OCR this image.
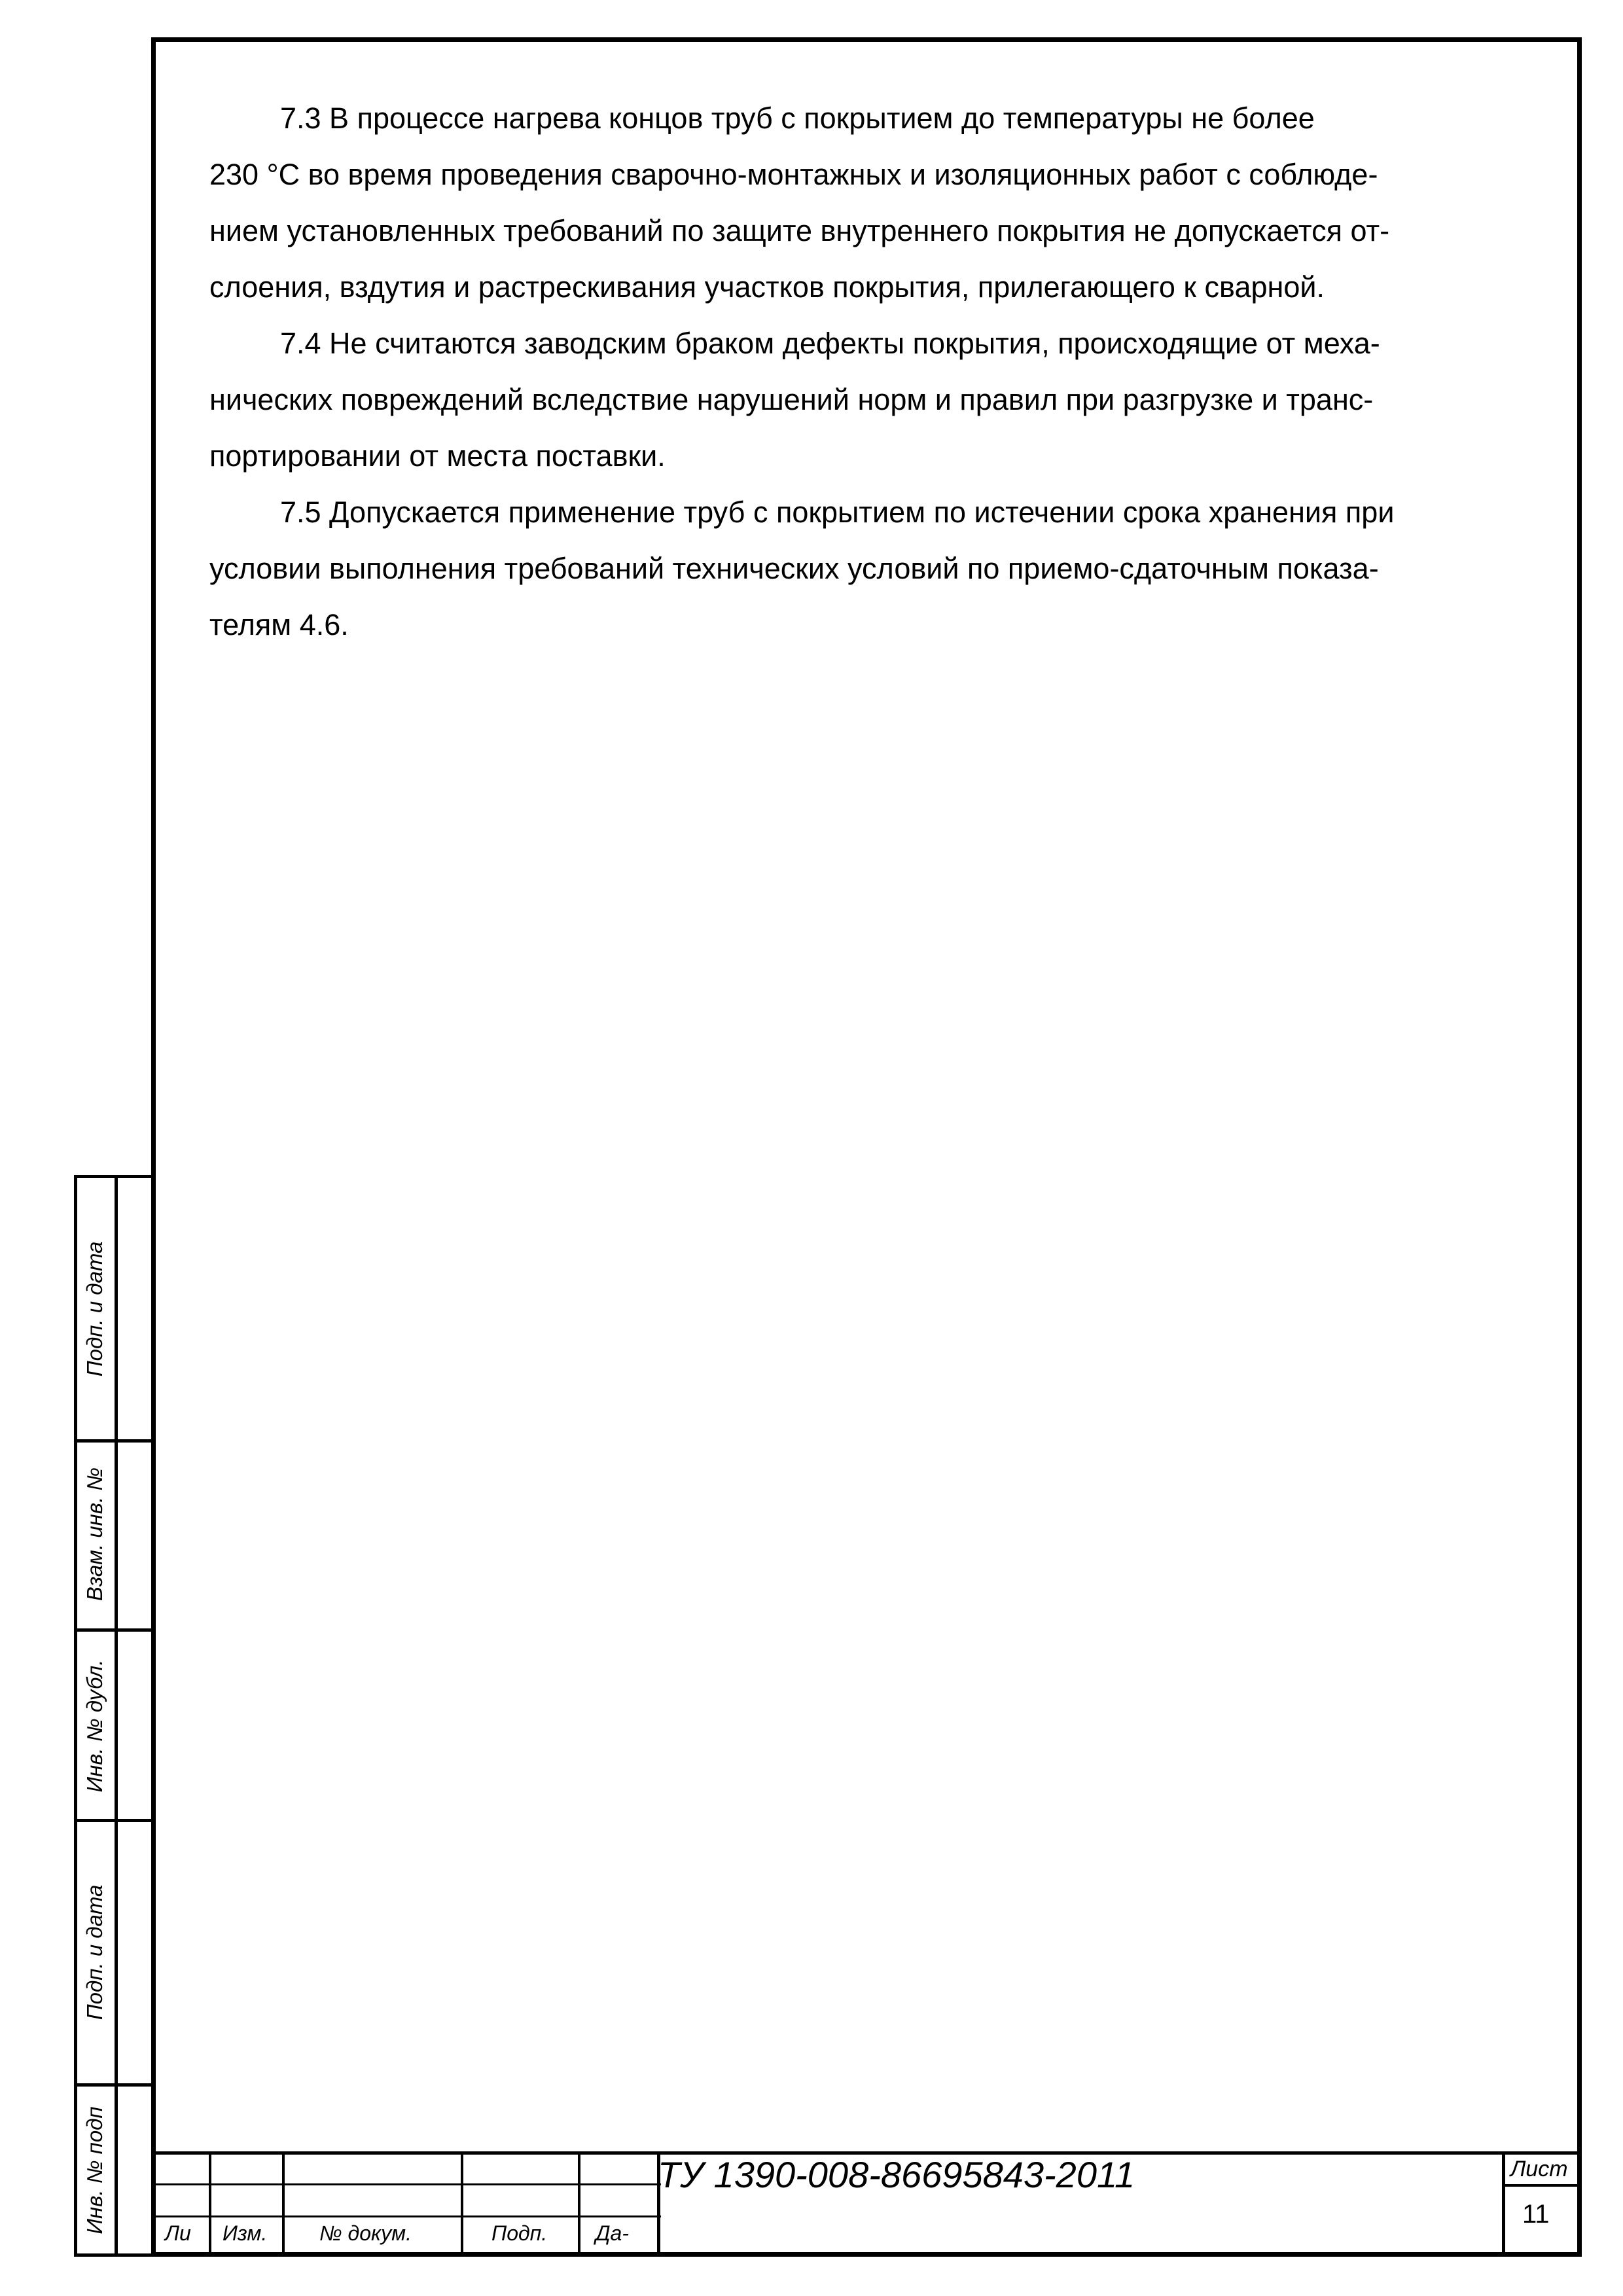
7.3 В процессе нагрева концов труб с покрытием до температуры не более
230 °С во время проведения сварочно-монтажных и изоляционных работ с соблюде-
нием установленных требований по защите внутреннего покрытия не допускается от-
слоения, вздутия и растрескивания участков покрытия, прилегающего к сварной.

7.4 Не считаются заводским браком дефекты покрытия, происходящие от меха-
нических повреждений вследствие нарушений норм и правил при разгрузке и транс-
портировании от места поставки.

7.5 Допускается применение труб с покрытием по истечении срока хранения при
условии выполнения требований технических условий по приемо-сдаточным показа-
телям 4.6.

Подп. и дата
Взам. инв. №
Инв. № дубл.
Подп. и дата
Инв. № подп	Ли Изм. № докум.	Подп. Да-
ТУ 1390-008-86695843-2011	Лист
11
